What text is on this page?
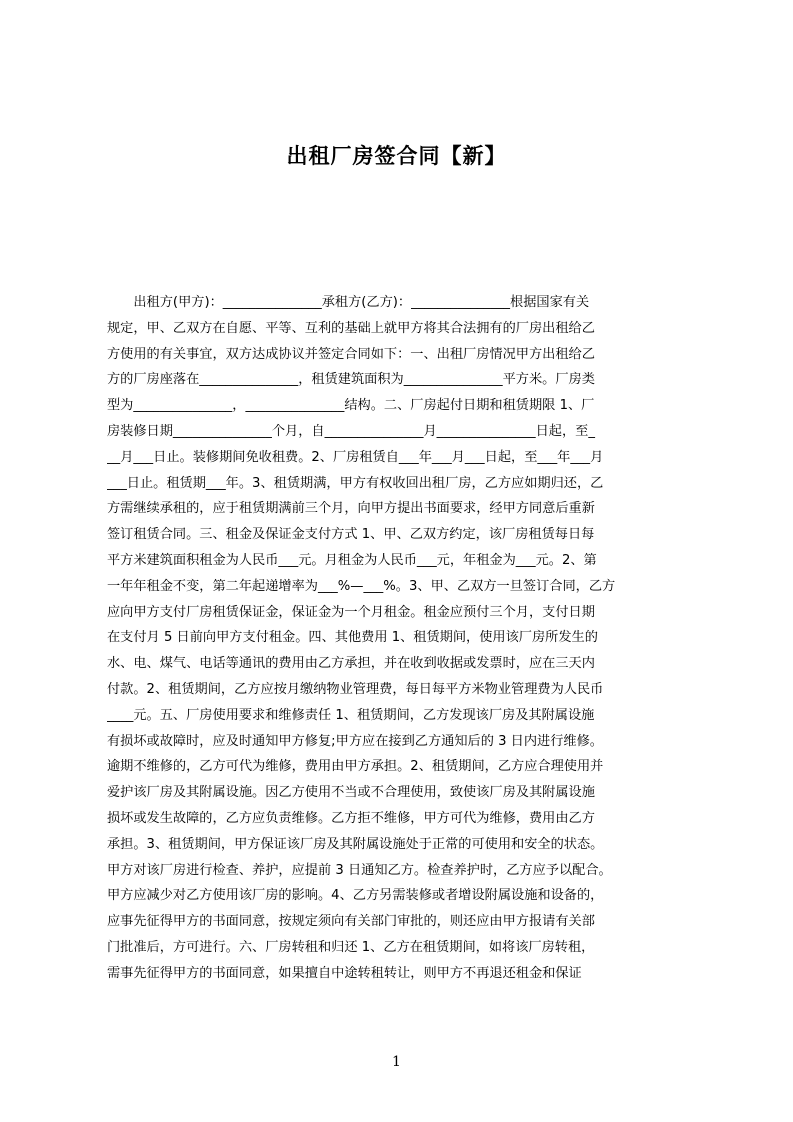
出租厂房签合同【新】
　　出租方(甲方)：_______________承租方(乙方)：_______________根据国家有关
规定，甲、乙双方在自愿、平等、互利的基础上就甲方将其合法拥有的厂房出租给乙
方使用的有关事宜，双方达成协议并签定合同如下：一、出租厂房情况甲方出租给乙
方的厂房座落在_______________，租赁建筑面积为_______________平方米。厂房类
型为_______________，_______________结构。二、厂房起付日期和租赁期限 1、厂
房装修日期_______________个月，自_______________月_______________日起，至_
__月___日止。装修期间免收租费。2、厂房租赁自___年___月___日起，至___年___月
___日止。租赁期___年。3、租赁期满，甲方有权收回出租厂房，乙方应如期归还，乙
方需继续承租的，应于租赁期满前三个月，向甲方提出书面要求，经甲方同意后重新
签订租赁合同。三、租金及保证金支付方式 1、甲、乙双方约定，该厂房租赁每日每
平方米建筑面积租金为人民币___元。月租金为人民币___元，年租金为___元。2、第
一年年租金不变，第二年起递增率为___%—___%。3、甲、乙双方一旦签订合同，乙方
应向甲方支付厂房租赁保证金，保证金为一个月租金。租金应预付三个月，支付日期
在支付月 5 日前向甲方支付租金。四、其他费用 1、租赁期间，使用该厂房所发生的
水、电、煤气、电话等通讯的费用由乙方承担，并在收到收据或发票时，应在三天内
付款。2、租赁期间，乙方应按月缴纳物业管理费，每日每平方米物业管理费为人民币
____元。五、厂房使用要求和维修责任 1、租赁期间，乙方发现该厂房及其附属设施
有损坏或故障时，应及时通知甲方修复;甲方应在接到乙方通知后的 3 日内进行维修。
逾期不维修的，乙方可代为维修，费用由甲方承担。2、租赁期间，乙方应合理使用并
爱护该厂房及其附属设施。因乙方使用不当或不合理使用，致使该厂房及其附属设施
损坏或发生故障的，乙方应负责维修。乙方拒不维修，甲方可代为维修，费用由乙方
承担。3、租赁期间，甲方保证该厂房及其附属设施处于正常的可使用和安全的状态。
甲方对该厂房进行检查、养护，应提前 3 日通知乙方。检查养护时，乙方应予以配合。
甲方应减少对乙方使用该厂房的影响。4、乙方另需装修或者增设附属设施和设备的，
应事先征得甲方的书面同意，按规定须向有关部门审批的，则还应由甲方报请有关部
门批准后，方可进行。六、厂房转租和归还 1、乙方在租赁期间，如将该厂房转租，
需事先征得甲方的书面同意，如果擅自中途转租转让，则甲方不再退还租金和保证
1
